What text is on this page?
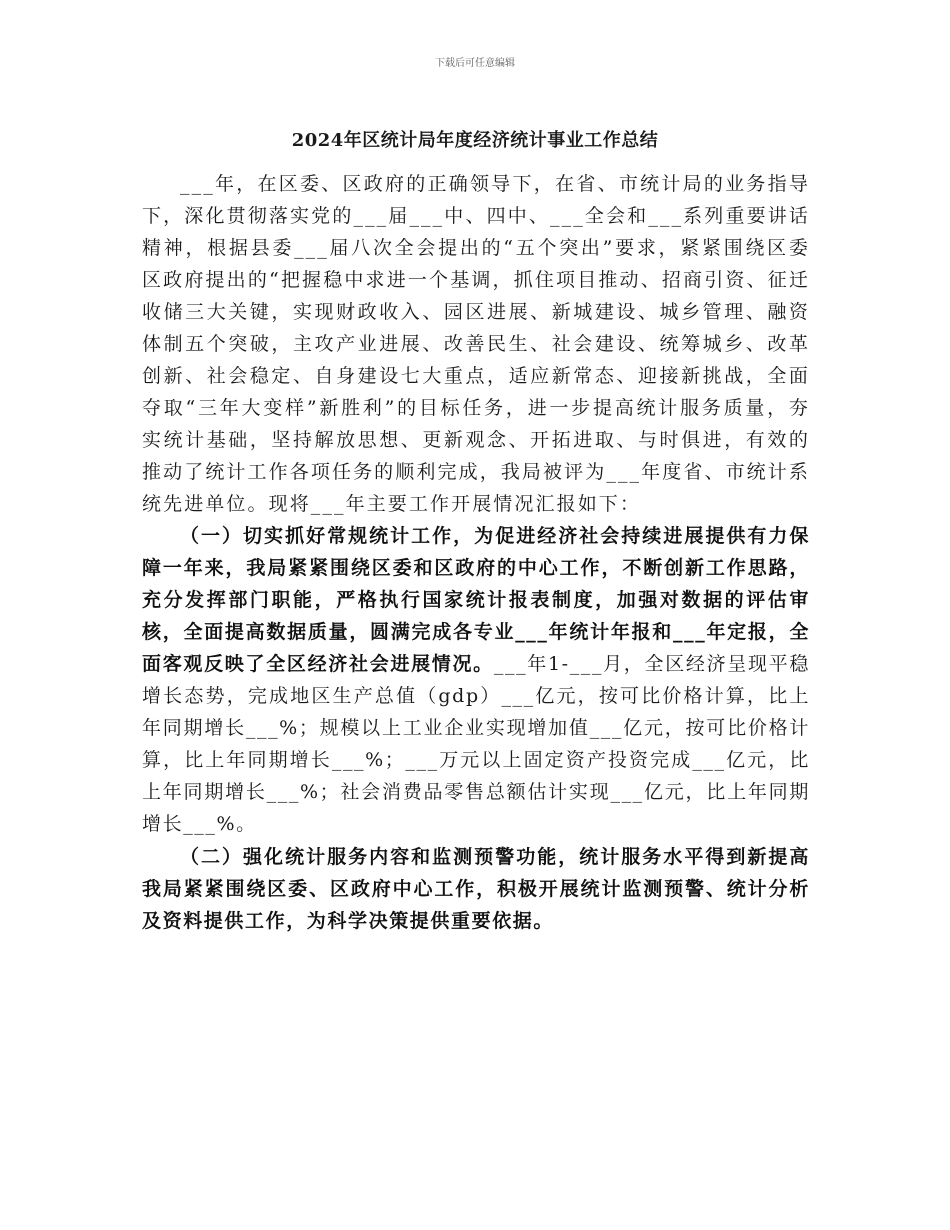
下载后可任意编辑
2024年区统计局年度经济统计事业工作总结

___年，在区委、区政府的正确领导下，在省、市统计局的业务指导下，深化贯彻落实党的___届___中、四中、___全会和___系列重要讲话精神，根据县委___届八次全会提出的“五个突出”要求，紧紧围绕区委区政府提出的“把握稳中求进一个基调，抓住项目推动、招商引资、征迁收储三大关键，实现财政收入、园区进展、新城建设、城乡管理、融资体制五个突破，主攻产业进展、改善民生、社会建设、统筹城乡、改革创新、社会稳定、自身建设七大重点，适应新常态、迎接新挑战，全面夺取“三年大变样”新胜利”的目标任务，进一步提高统计服务质量，夯实统计基础，坚持解放思想、更新观念、开拓进取、与时俱进，有效的推动了统计工作各项任务的顺利完成，我局被评为___年度省、市统计系统先进单位。现将___年主要工作开展情况汇报如下：

（一）切实抓好常规统计工作，为促进经济社会持续进展提供有力保障一年来，我局紧紧围绕区委和区政府的中心工作，不断创新工作思路，充分发挥部门职能，严格执行国家统计报表制度，加强对数据的评估审核，全面提高数据质量，圆满完成各专业___年统计年报和___年定报，全面客观反映了全区经济社会进展情况。___年1-___月，全区经济呈现平稳增长态势，完成地区生产总值（gdp）___亿元，按可比价格计算，比上年同期增长___%；规模以上工业企业实现增加值___亿元，按可比价格计算，比上年同期增长___%；___万元以上固定资产投资完成___亿元，比上年同期增长___%；社会消费品零售总额估计实现___亿元，比上年同期增长___%。

（二）强化统计服务内容和监测预警功能，统计服务水平得到新提高我局紧紧围绕区委、区政府中心工作，积极开展统计监测预警、统计分析及资料提供工作，为科学决策提供重要依据。
